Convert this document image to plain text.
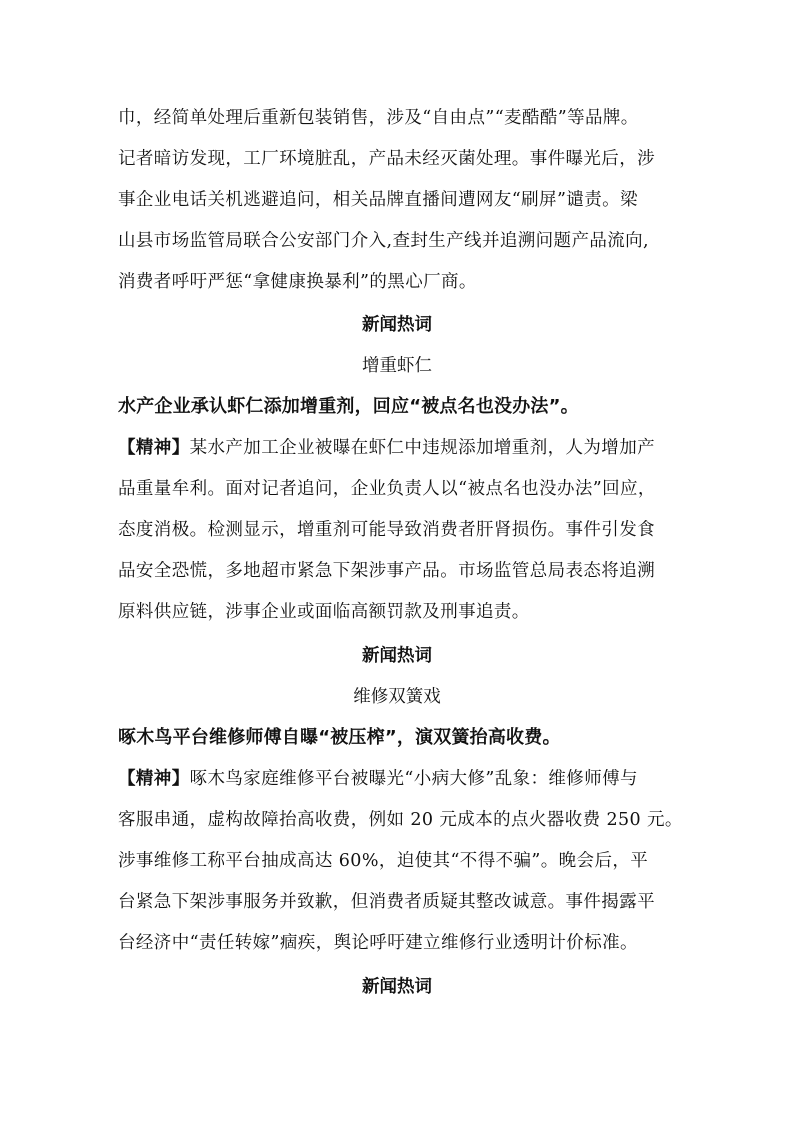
巾，经简单处理后重新包装销售，涉及“自由点”“麦酷酷”等品牌。
记者暗访发现，工厂环境脏乱，产品未经灭菌处理。事件曝光后，涉
事企业电话关机逃避追问，相关品牌直播间遭网友“刷屏”谴责。梁
山县市场监管局联合公安部门介入,查封生产线并追溯问题产品流向,
消费者呼吁严惩“拿健康换暴利”的黑心厂商。
新闻热词
增重虾仁
水产企业承认虾仁添加增重剂，回应“被点名也没办法”。
【精神】某水产加工企业被曝在虾仁中违规添加增重剂，人为增加产
品重量牟利。面对记者追问，企业负责人以“被点名也没办法”回应，
态度消极。检测显示，增重剂可能导致消费者肝肾损伤。事件引发食
品安全恐慌，多地超市紧急下架涉事产品。市场监管总局表态将追溯
原料供应链，涉事企业或面临高额罚款及刑事追责。
新闻热词
维修双簧戏
啄木鸟平台维修师傅自曝“被压榨”，演双簧抬高收费。
【精神】啄木鸟家庭维修平台被曝光“小病大修”乱象：维修师傅与
客服串通，虚构故障抬高收费，例如 20 元成本的点火器收费 250 元。
涉事维修工称平台抽成高达 60%，迫使其“不得不骗”。晚会后，平
台紧急下架涉事服务并致歉，但消费者质疑其整改诚意。事件揭露平
台经济中“责任转嫁”痼疾，舆论呼吁建立维修行业透明计价标准。
新闻热词
